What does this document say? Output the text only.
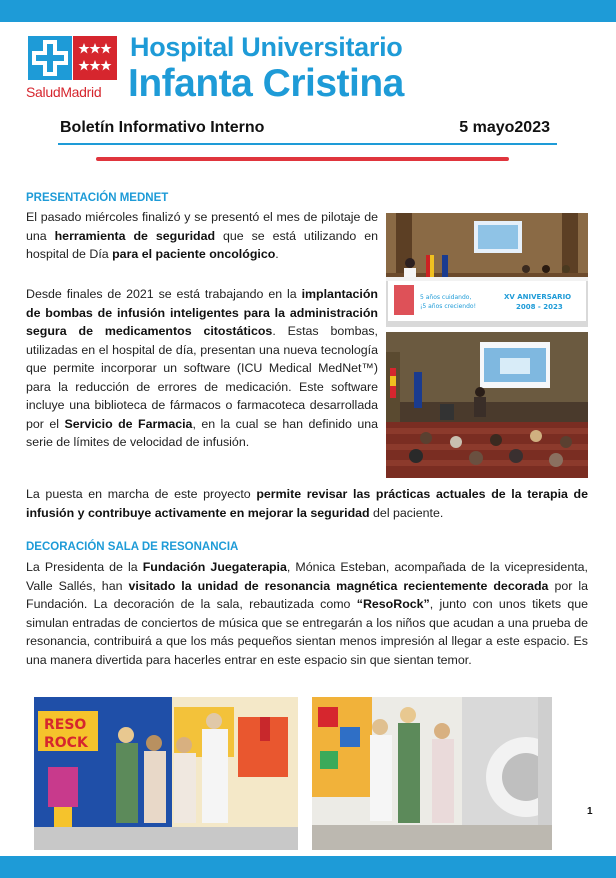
SaludMadrid
Hospital Universitario
Infanta Cristina
Boletín Informativo Interno	5 mayo2023
PRESENTACIÓN MEDNET
El pasado miércoles finalizó y se presentó el mes de pilotaje de una herramienta de seguridad que se está utilizando en hospital de Día para el paciente oncológico.
Desde finales de 2021 se está trabajando en la implantación de bombas de infusión inteligentes para la administración segura de medicamentos citostáticos. Estas bombas, utilizadas en el hospital de día, presentan una nueva tecnología que permite incorporar un software (ICU Medical MedNet™) para la reducción de errores de medicación. Este software incluye una biblioteca de fármacos o farmacoteca desarrollada por el Servicio de Farmacia, en la cual se han definido una serie de límites de velocidad de infusión.
La puesta en marcha de este proyecto permite revisar las prácticas actuales de la terapia de infusión y contribuye activamente en mejorar la seguridad del paciente.
5 años cuidando,
¡5 años creciendo!
XV ANIVERSARIO
2008 - 2023
DECORACIÓN SALA DE RESONANCIA
La Presidenta de la Fundación Juegaterapia, Mónica Esteban, acompañada de la vicepresidenta, Valle Sallés, han visitado la unidad de resonancia magnética recientemente decorada por la Fundación. La decoración de la sala, rebautizada como “ResoRock”, junto con unos tikets que simulan entradas de conciertos de música que se entregarán a los niños que acudan a una prueba de resonancia, contribuirá a que los más pequeños sientan menos impresión al llegar a este espacio. Es una manera divertida para hacerles entrar en este espacio sin que sientan temor.
RESO
ROCK
1
